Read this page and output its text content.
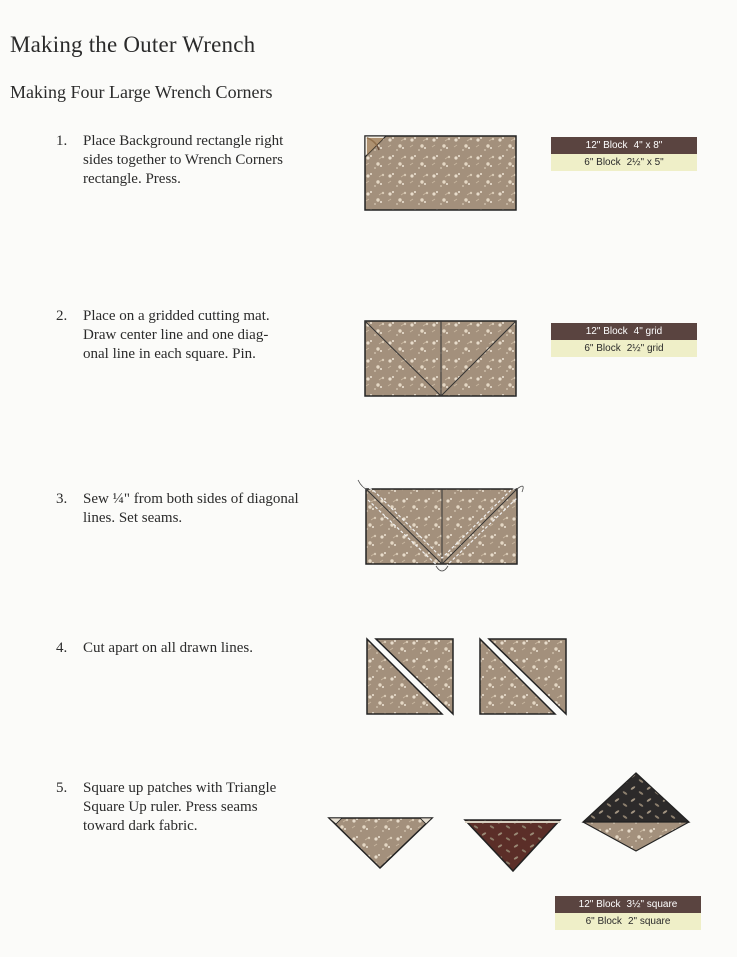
Making the Outer Wrench
Making Four Large Wrench Corners
1.	Place Background rectangle right
sides together to Wrench Corners
rectangle. Press.
2.	Place on a gridded cutting mat.
Draw center line and one diag-
onal line in each square. Pin.
3.	Sew ¼" from both sides of diagonal
lines. Set seams.
4.	Cut apart on all drawn lines.
5.	Square up patches with Triangle
Square Up ruler. Press seams
toward dark fabric.
12" Block 4" x 8"
6" Block 2½" x 5"
12" Block 4" grid
6" Block 2½" grid
12" Block 3½" square
6" Block 2" square
